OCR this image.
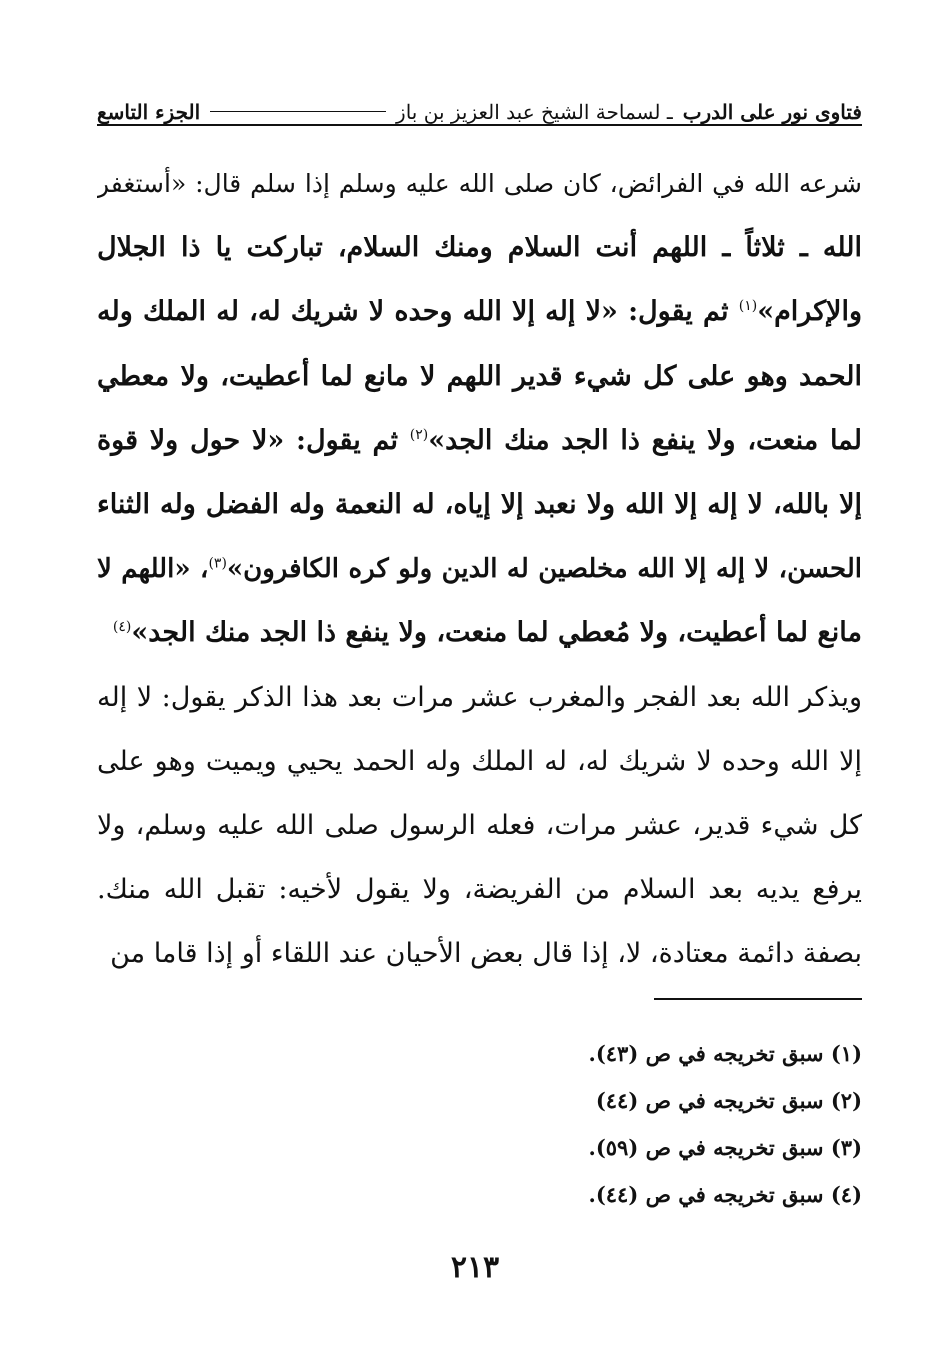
فتاوى نور على الدرب
ـ لسماحة الشيخ عبد العزيز بن باز
الجزء التاسع
شرعه الله في الفرائض، كان صلى الله عليه وسلم إذا سلم قال: «أستغفر
الله ـ ثلاثاً ـ اللهم أنت السلام ومنك السلام، تباركت يا ذا الجلال
والإكرام»$^{(١)}$ ثم يقول: «لا إله إلا الله وحده لا شريك له، له الملك وله
الحمد وهو على كل شيء قدير اللهم لا مانع لما أعطيت، ولا معطي
لما منعت، ولا ينفع ذا الجد منك الجد»$^{(٢)}$ ثم يقول: «لا حول ولا قوة
إلا بالله، لا إله إلا الله ولا نعبد إلا إياه، له النعمة وله الفضل وله الثناء
الحسن، لا إله إلا الله مخلصين له الدين ولو كره الكافرون»$^{(٣)}$، «اللهم لا
مانع لما أعطيت، ولا مُعطي لما منعت، ولا ينفع ذا الجد منك الجد»$^{(٤)}$
ويذكر الله بعد الفجر والمغرب عشر مرات بعد هذا الذكر يقول: لا إله
إلا الله وحده لا شريك له، له الملك وله الحمد يحيي ويميت وهو على
كل شيء قدير، عشر مرات، فعله الرسول صلى الله عليه وسلم، ولا
يرفع يديه بعد السلام من الفريضة، ولا يقول لأخيه: تقبل الله منك.
بصفة دائمة معتادة، لا، إذا قال بعض الأحيان عند اللقاء أو إذا قاما من
(١) سبق تخريجه في ص (٤٣).
(٢) سبق تخريجه في ص (٤٤)
(٣) سبق تخريجه في ص (٥٩).
(٤) سبق تخريجه في ص (٤٤).
٢١٣
